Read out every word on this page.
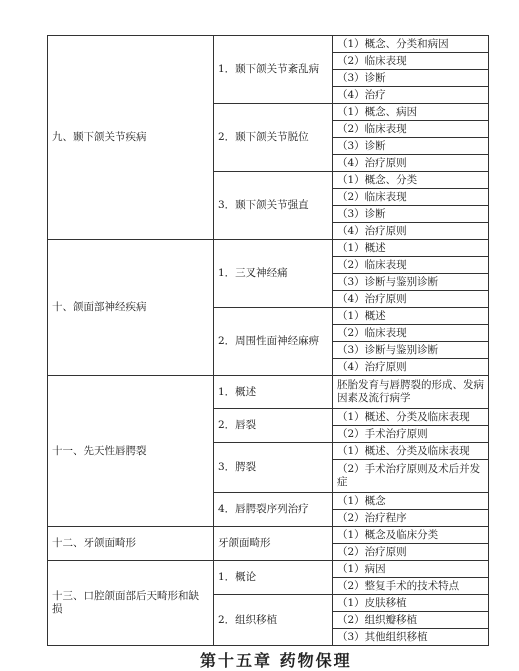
九、颞下颌关节疾病	1．颞下颌关节紊乱病	（1）概念、分类和病因
		（2）临床表现
		（3）诊断
		（4）治疗
	2．颞下颌关节脱位	（1）概念、病因
		（2）临床表现
		（3）诊断
		（4）治疗原则
	3．颞下颌关节强直	（1）概念、分类
		（2）临床表现
		（3）诊断
		（4）治疗原则
十、颌面部神经疾病	1．三叉神经痛	（1）概述
		（2）临床表现
		（3）诊断与鉴别诊断
		（4）治疗原则
	2．周围性面神经麻痹	（1）概述
		（2）临床表现
		（3）诊断与鉴别诊断
		（4）治疗原则
十一、先天性唇腭裂	1．概述	胚胎发育与唇腭裂的形成、发病因素及流行病学
	2．唇裂	（1）概述、分类及临床表现
		（2）手术治疗原则
	3．腭裂	（1）概述、分类及临床表现
		（2）手术治疗原则及术后并发症
	4．唇腭裂序列治疗	（1）概念
		（2）治疗程序
十二、牙颌面畸形	牙颌面畸形	（1）概念及临床分类
		（2）治疗原则
十三、口腔颌面部后天畸形和缺损	1．概论	（1）病因
		（2）整复手术的技术特点
	2．组织移植	（1）皮肤移植
		（2）组织瓣移植
		（3）其他组织移植
第十五章 药物保理
